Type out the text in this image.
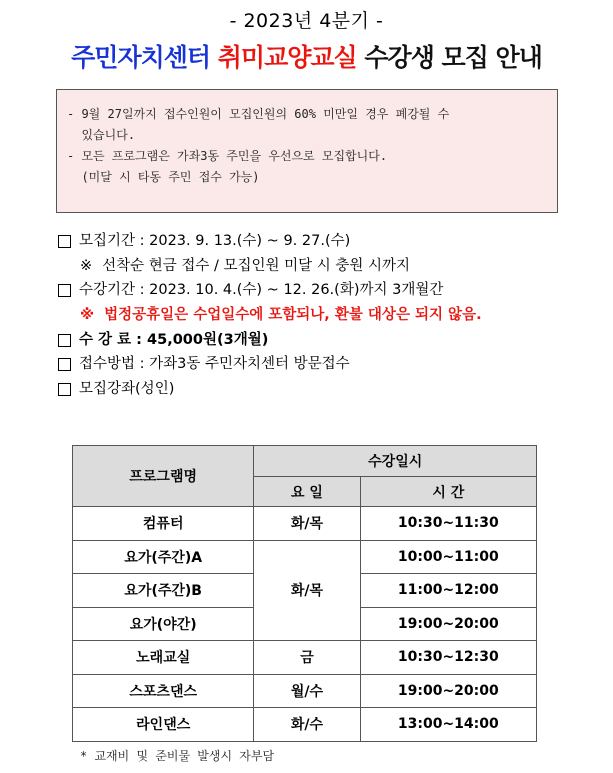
- 2023년 4분기 -
주민자치센터 취미교양교실 수강생 모집 안내
- 9월 27일까지 접수인원이 모집인원의 60% 미만일 경우 폐강될 수
있습니다.
- 모든 프로그램은 가좌3동 주민을 우선으로 모집합니다.
(미달 시 타동 주민 접수 가능)
모집기간 : 2023. 9. 13.(수) ~ 9. 27.(수)
※ 선착순 현금 접수 / 모집인원 미달 시 충원 시까지
수강기간 : 2023. 10. 4.(수) ~ 12. 26.(화)까지 3개월간
※ 법정공휴일은 수업일수에 포함되나, 환불 대상은 되지 않음.
수 강 료 : 45,000원(3개월)
접수방법 : 가좌3동 주민자치센터 방문접수
모집강좌(성인)
프로그램명	수강일시	
	요 일	시 간
컴퓨터	화/목	10:30~11:30
요가(주간)A	화/목	10:00~11:00
요가(주간)B		11:00~12:00
요가(야간)		19:00~20:00
노래교실	금	10:30~12:30
스포츠댄스	월/수	19:00~20:00
라인댄스	화/수	13:00~14:00
* 교재비 및 준비물 발생시 자부담
